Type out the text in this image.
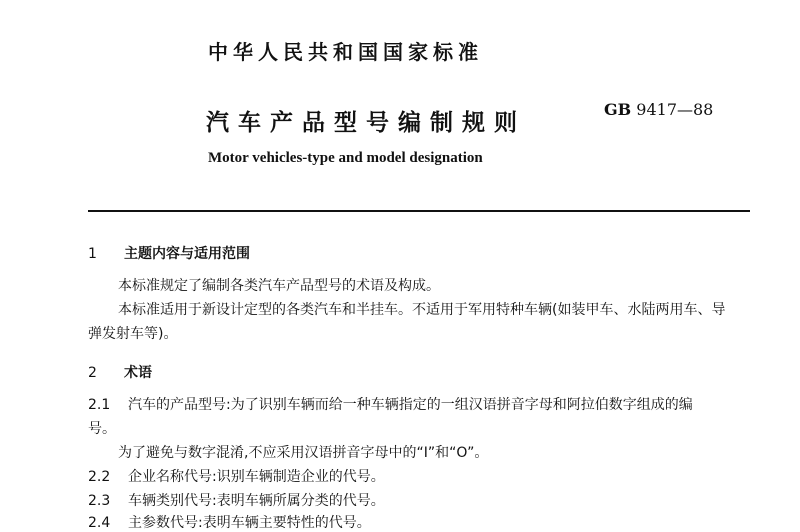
中华人民共和国国家标准
汽车产品型号编制规则
GB 9417—88
Motor vehicles-type and model designation
1 主题内容与适用范围
本标准规定了编制各类汽车产品型号的术语及构成。
本标准适用于新设计定型的各类汽车和半挂车。不适用于军用特种车辆(如装甲车、水陆两用车、导
弹发射车等)。
2 术语
2.1 汽车的产品型号:为了识别车辆而给一种车辆指定的一组汉语拼音字母和阿拉伯数字组成的编
号。
为了避免与数字混淆,不应采用汉语拼音字母中的“I”和“O”。
2.2 企业名称代号:识别车辆制造企业的代号。
2.3 车辆类别代号:表明车辆所属分类的代号。
2.4 主参数代号:表明车辆主要特性的代号。
